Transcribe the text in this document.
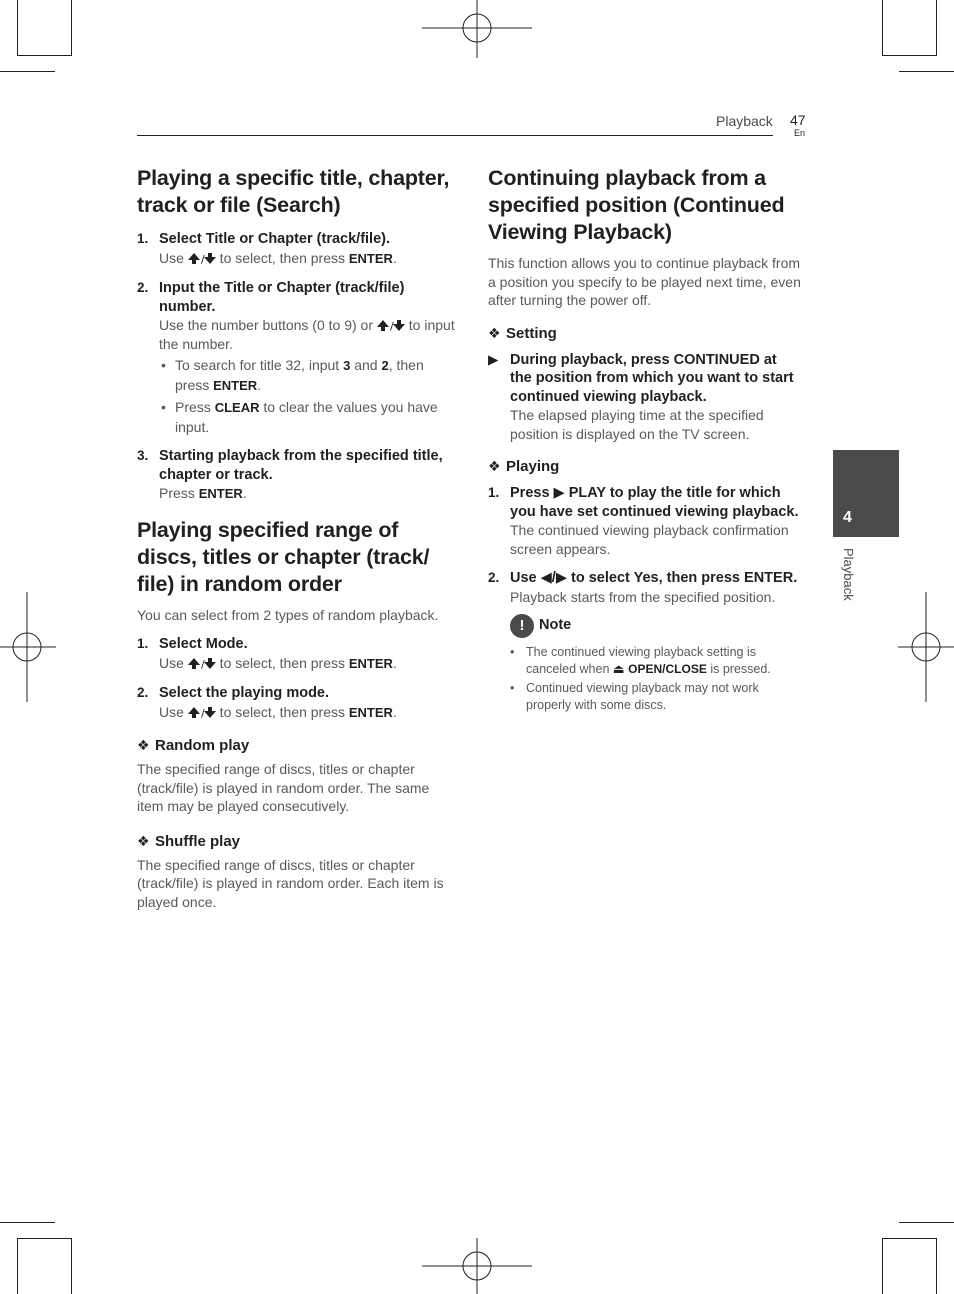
Playback 47
En
4
Playback
Playing a specific title, chapter, track or file (Search)
1. Select Title or Chapter (track/file).
Use / to select, then press ENTER.
2. Input the Title or Chapter (track/file) number.
Use the number buttons (0 to 9) or / to input the number.
• To search for title 32, input 3 and 2, then press ENTER.
• Press CLEAR to clear the values you have input.
3. Starting playback from the specified title, chapter or track.
Press ENTER.
Playing specified range of discs, titles or chapter (track/ file) in random order
You can select from 2 types of random playback.
1. Select Mode.
Use / to select, then press ENTER.
2. Select the playing mode.
Use / to select, then press ENTER.
❖ Random play
The specified range of discs, titles or chapter (track/file) is played in random order. The same item may be played consecutively.
❖ Shuffle play
The specified range of discs, titles or chapter (track/file) is played in random order. Each item is played once.
Continuing playback from a specified position (Continued Viewing Playback)
This function allows you to continue playback from a position you specify to be played next time, even after turning the power off.
❖ Setting
▶ During playback, press CONTINUED at the position from which you want to start continued viewing playback.
The elapsed playing time at the specified position is displayed on the TV screen.
❖ Playing
1. Press ▶ PLAY to play the title for which you have set continued viewing playback.
The continued viewing playback confirmation screen appears.
2. Use ◀/▶ to select Yes, then press ENTER.
Playback starts from the specified position.
!	Note
• The continued viewing playback setting is canceled when ⏏ OPEN/CLOSE is pressed.
• Continued viewing playback may not work properly with some discs.
